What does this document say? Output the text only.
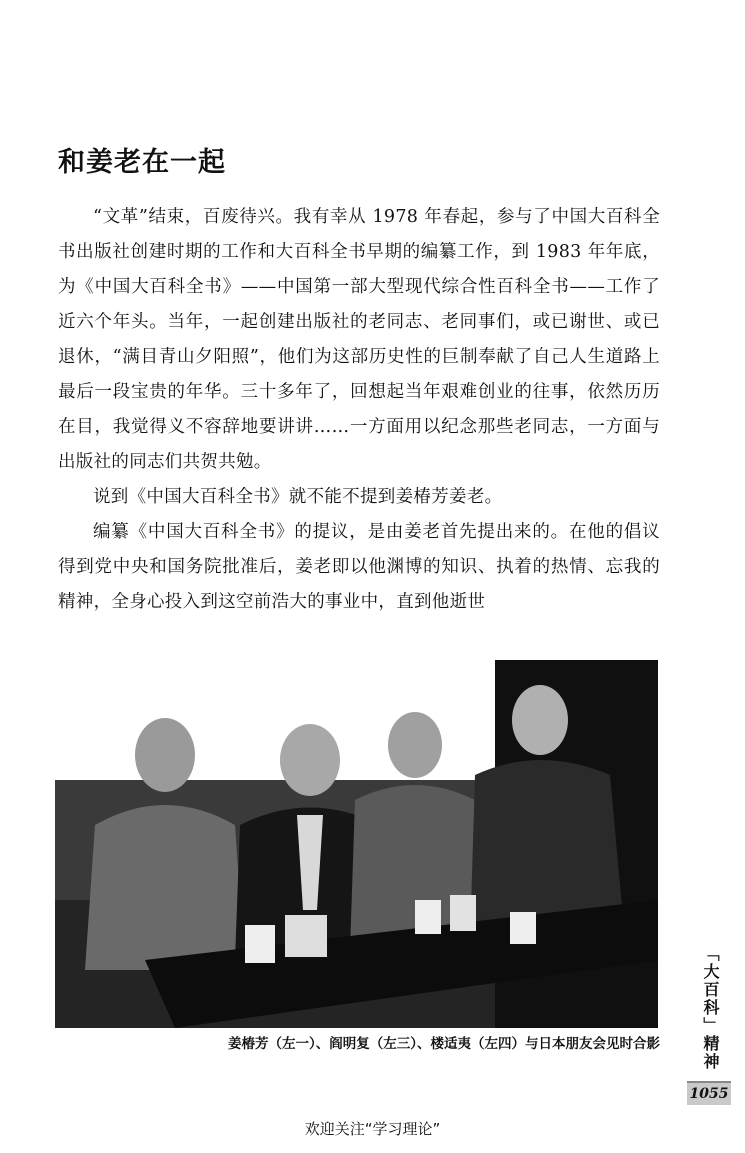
和姜老在一起

“文革”结束，百废待兴。我有幸从 1978 年春起，参与了中国大百科全书出版社创建时期的工作和大百科全书早期的编纂工作，到 1983 年年底，为《中国大百科全书》——中国第一部大型现代综合性百科全书——工作了近六个年头。当年，一起创建出版社的老同志、老同事们，或已谢世、或已退休，“满目青山夕阳照”，他们为这部历史性的巨制奉献了自己人生道路上最后一段宝贵的年华。三十多年了，回想起当年艰难创业的往事，依然历历在目，我觉得义不容辞地要讲讲……一方面用以纪念那些老同志，一方面与出版社的同志们共贺共勉。

说到《中国大百科全书》就不能不提到姜椿芳姜老。

编纂《中国大百科全书》的提议，是由姜老首先提出来的。在他的倡议得到党中央和国务院批准后，姜老即以他渊博的知识、执着的热情、忘我的精神，全身心投入到这空前浩大的事业中，直到他逝世

姜椿芳（左一）、阎明复（左三）、楼适夷（左四）与日本朋友会见时合影	「大百科」精神
1055
欢迎关注“学习理论”
